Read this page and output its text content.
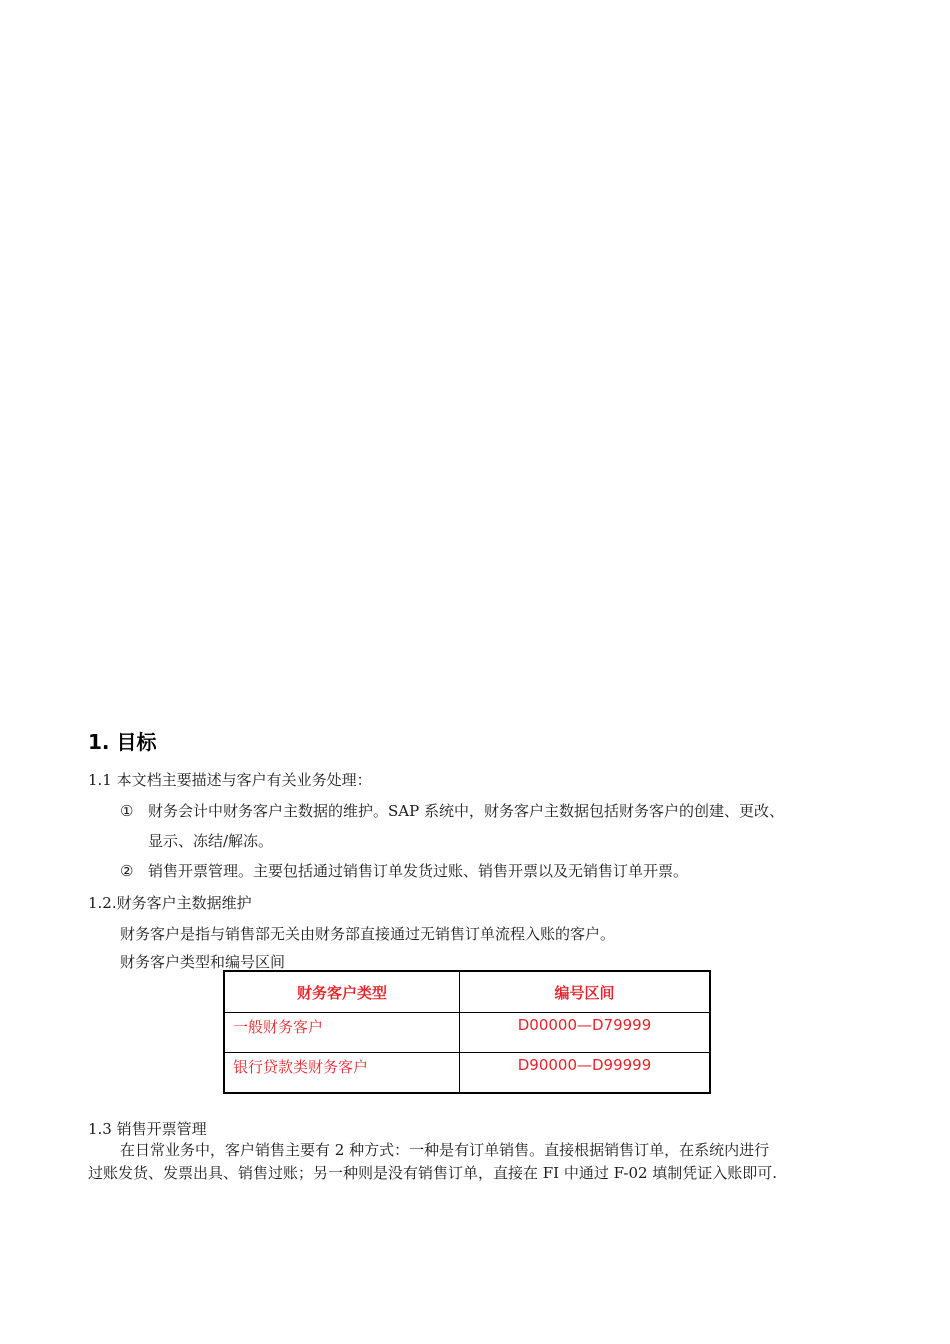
1. 目标
1.1 本文档主要描述与客户有关业务处理：
① 财务会计中财务客户主数据的维护。SAP 系统中，财务客户主数据包括财务客户的创建、更改、
显示、冻结/解冻。
② 销售开票管理。主要包括通过销售订单发货过账、销售开票以及无销售订单开票。
1.2.财务客户主数据维护
财务客户是指与销售部无关由财务部直接通过无销售订单流程入账的客户。
财务客户类型和编号区间
财务客户类型	编号区间
一般财务客户	D00000—D79999
银行贷款类财务客户	D90000—D99999
1.3 销售开票管理
在日常业务中，客户销售主要有 2 种方式：一种是有订单销售。直接根据销售订单，在系统内进行
过账发货、发票出具、销售过账；另一种则是没有销售订单，直接在 FI 中通过 F-02 填制凭证入账即可.
